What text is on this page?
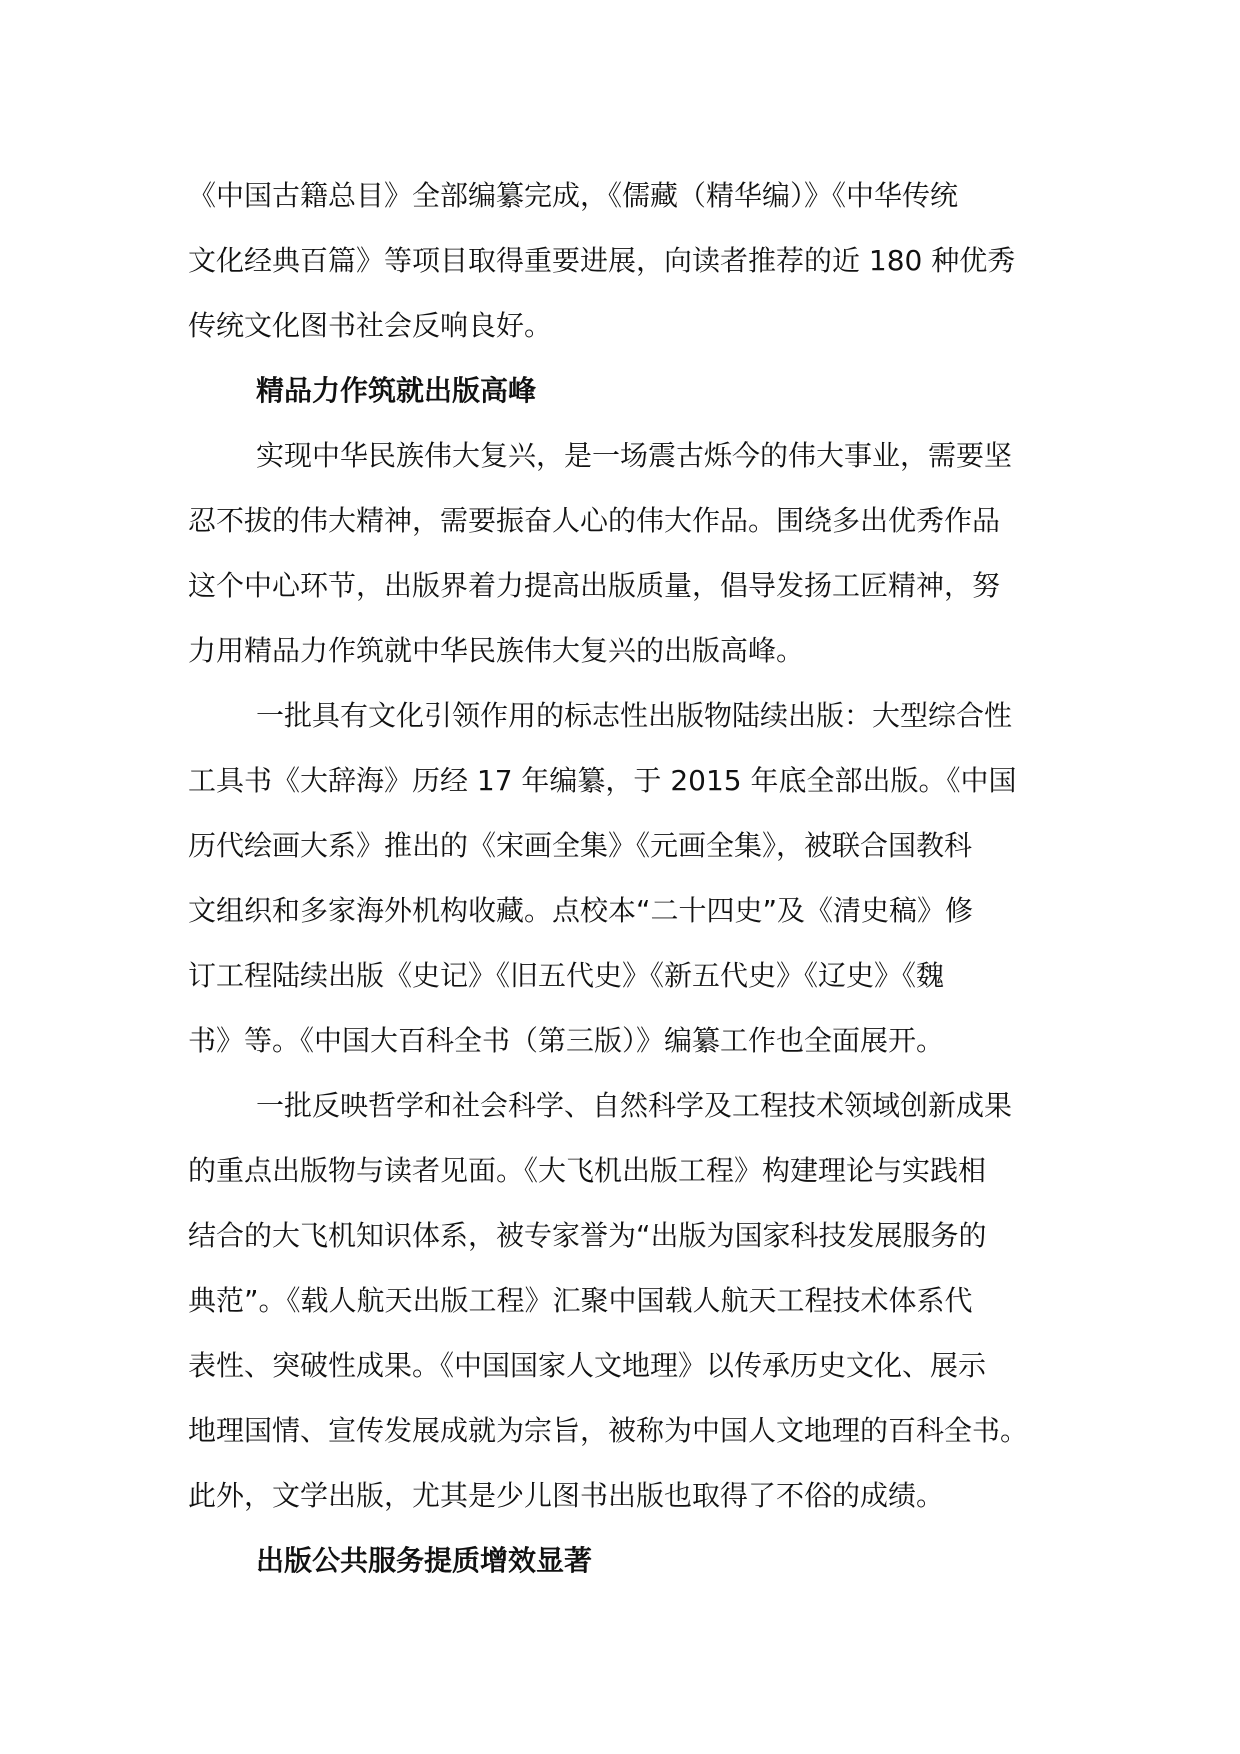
《中国古籍总目》全部编纂完成，《儒藏（精华编）》《中华传统
文化经典百篇》等项目取得重要进展，向读者推荐的近 180 种优秀
传统文化图书社会反响良好。
精品力作筑就出版高峰
实现中华民族伟大复兴，是一场震古烁今的伟大事业，需要坚
忍不拔的伟大精神，需要振奋人心的伟大作品。围绕多出优秀作品
这个中心环节，出版界着力提高出版质量，倡导发扬工匠精神，努
力用精品力作筑就中华民族伟大复兴的出版高峰。
一批具有文化引领作用的标志性出版物陆续出版：大型综合性
工具书《大辞海》历经 17 年编纂，于 2015 年底全部出版。《中国
历代绘画大系》推出的《宋画全集》《元画全集》，被联合国教科
文组织和多家海外机构收藏。点校本“二十四史”及《清史稿》修
订工程陆续出版《史记》《旧五代史》《新五代史》《辽史》《魏
书》等。《中国大百科全书（第三版）》编纂工作也全面展开。
一批反映哲学和社会科学、自然科学及工程技术领域创新成果
的重点出版物与读者见面。《大飞机出版工程》构建理论与实践相
结合的大飞机知识体系，被专家誉为“出版为国家科技发展服务的
典范”。《载人航天出版工程》汇聚中国载人航天工程技术体系代
表性、突破性成果。《中国国家人文地理》以传承历史文化、展示
地理国情、宣传发展成就为宗旨，被称为中国人文地理的百科全书。
此外，文学出版，尤其是少儿图书出版也取得了不俗的成绩。
出版公共服务提质增效显著
